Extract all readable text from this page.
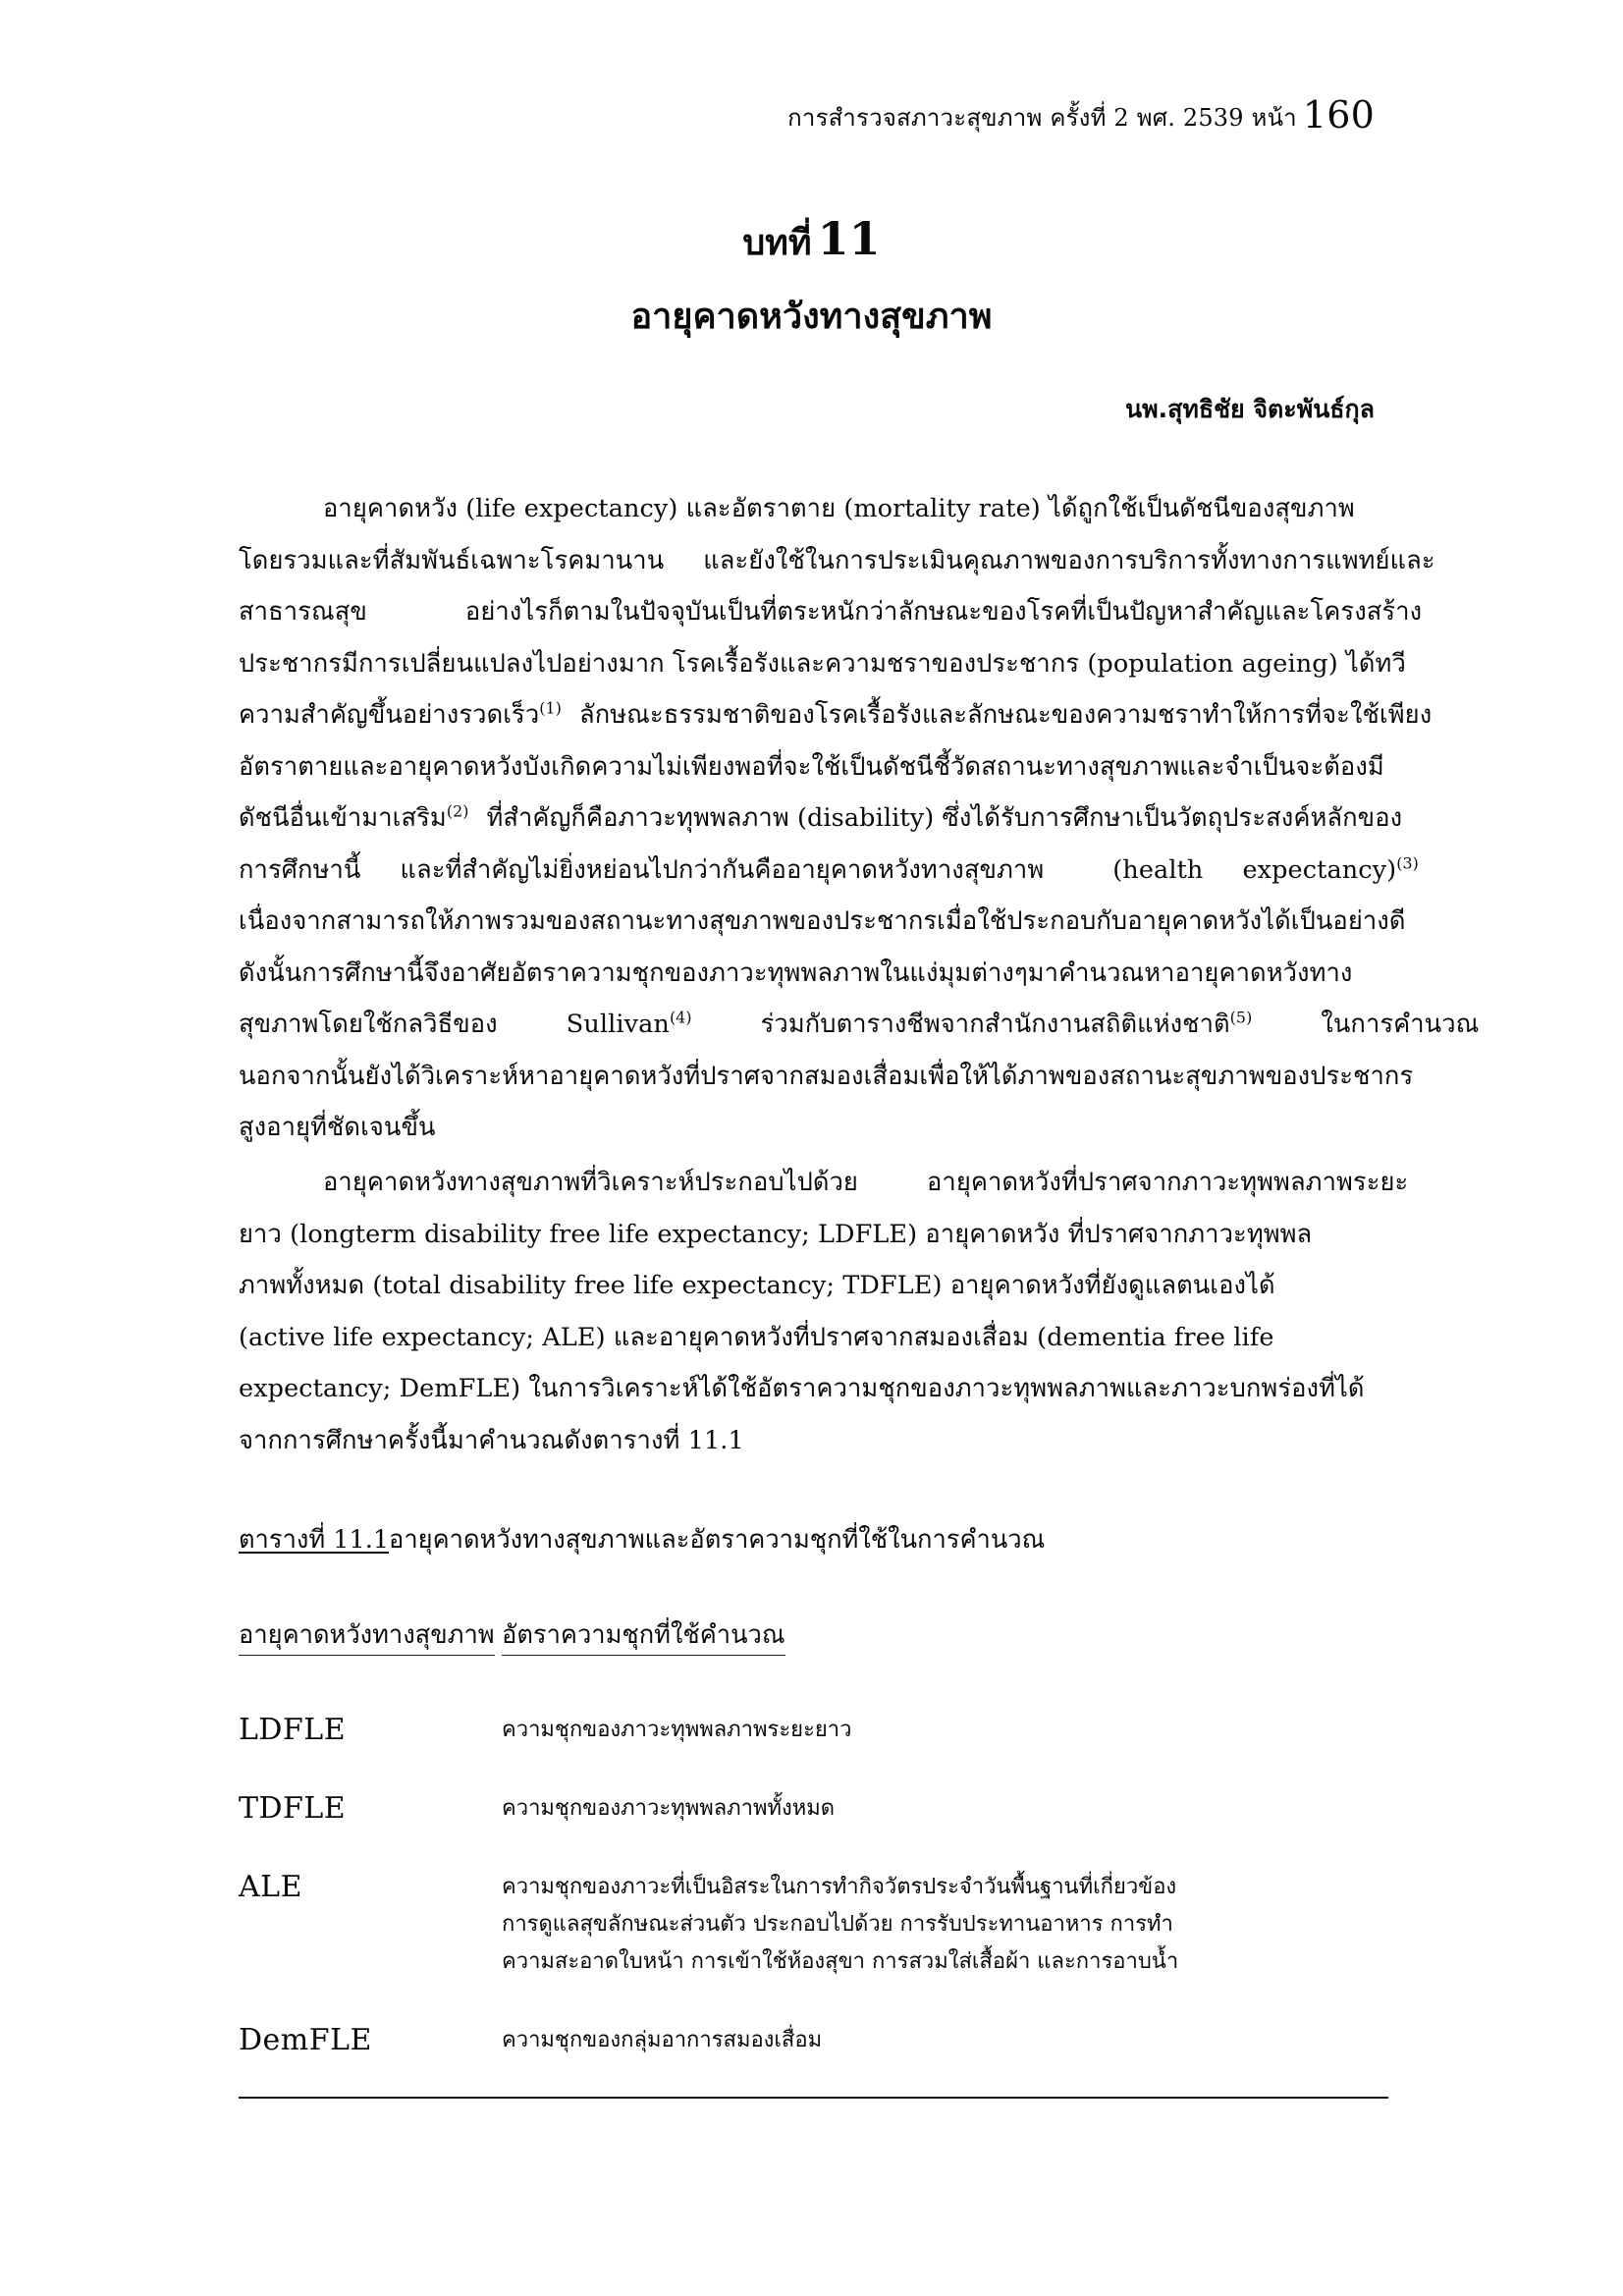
การสำรวจสภาวะสุขภาพ ครั้งที่ 2 พศ. 2539 หน้า 160
บทที่ 11
อายุคาดหวังทางสุขภาพ
นพ.สุทธิชัย จิตะพันธ์กุล
อายุคาดหวัง (life expectancy) และอัตราตาย (mortality rate) ได้ถูกใช้เป็นดัชนีของสุขภาพ
โดยรวมและที่สัมพันธ์เฉพาะโรคมานาน และยังใช้ในการประเมินคุณภาพของการบริการทั้งทางการแพทย์และ
สาธารณสุข	อย่างไรก็ตามในปัจจุบันเป็นที่ตระหนักว่าลักษณะของโรคที่เป็นปัญหาสำคัญและโครงสร้าง
ประชากรมีการเปลี่ยนแปลงไปอย่างมาก โรคเรื้อรังและความชราของประชากร (population ageing) ได้ทวี
ความสำคัญขึ้นอย่างรวดเร็ว$^{(1)}$ ลักษณะธรรมชาติของโรคเรื้อรังและลักษณะของความชราทำให้การที่จะใช้เพียง
อัตราตายและอายุคาดหวังบังเกิดความไม่เพียงพอที่จะใช้เป็นดัชนีชี้วัดสถานะทางสุขภาพและจำเป็นจะต้องมี
ดัชนีอื่นเข้ามาเสริม$^{(2)}$ ที่สำคัญก็คือภาวะทุพพลภาพ (disability) ซึ่งได้รับการศึกษาเป็นวัตถุประสงค์หลักของ
การศึกษานี้ และที่สำคัญไม่ยิ่งหย่อนไปกว่ากันคืออายุคาดหวังทางสุขภาพ	(health expectancy)$^{(3)}$
เนื่องจากสามารถให้ภาพรวมของสถานะทางสุขภาพของประชากรเมื่อใช้ประกอบกับอายุคาดหวังได้เป็นอย่างดี
ดังนั้นการศึกษานี้จึงอาศัยอัตราความชุกของภาวะทุพพลภาพในแง่มุมต่างๆมาคำนวณหาอายุคาดหวังทาง
สุขภาพโดยใช้กลวิธีของ	Sullivan$^{(4)}$	ร่วมกับตารางชีพจากสำนักงานสถิติแห่งชาติ$^{(5)}$	ในการคำนวณ
นอกจากนั้นยังได้วิเคราะห์หาอายุคาดหวังที่ปราศจากสมองเสื่อมเพื่อให้ได้ภาพของสถานะสุขภาพของประชากร
สูงอายุที่ชัดเจนขึ้น
อายุคาดหวังทางสุขภาพที่วิเคราะห์ประกอบไปด้วย	อายุคาดหวังที่ปราศจากภาวะทุพพลภาพระยะ
ยาว (longterm disability free life expectancy; LDFLE) อายุคาดหวัง ที่ปราศจากภาวะทุพพล
ภาพทั้งหมด (total disability free life expectancy; TDFLE) อายุคาดหวังที่ยังดูแลตนเองได้
(active life expectancy; ALE) และอายุคาดหวังที่ปราศจากสมองเสื่อม (dementia free life
expectancy; DemFLE) ในการวิเคราะห์ได้ใช้อัตราความชุกของภาวะทุพพลภาพและภาวะบกพร่องที่ได้
จากการศึกษาครั้งนี้มาคำนวณดังตารางที่ 11.1
ตารางที่ 11.1อายุคาดหวังทางสุขภาพและอัตราความชุกที่ใช้ในการคำนวณ
อายุคาดหวังทางสุขภาพ อัตราความชุกที่ใช้คำนวณ
LDFLE	ความชุกของภาวะทุพพลภาพระยะยาว
TDFLE	ความชุกของภาวะทุพพลภาพทั้งหมด
ALE	ความชุกของภาวะที่เป็นอิสระในการทำกิจวัตรประจำวันพื้นฐานที่เกี่ยวข้อง
การดูแลสุขลักษณะส่วนตัว ประกอบไปด้วย การรับประทานอาหาร การทำ
ความสะอาดใบหน้า การเข้าใช้ห้องสุขา การสวมใส่เสื้อผ้า และการอาบน้ำ
DemFLE	ความชุกของกลุ่มอาการสมองเสื่อม
